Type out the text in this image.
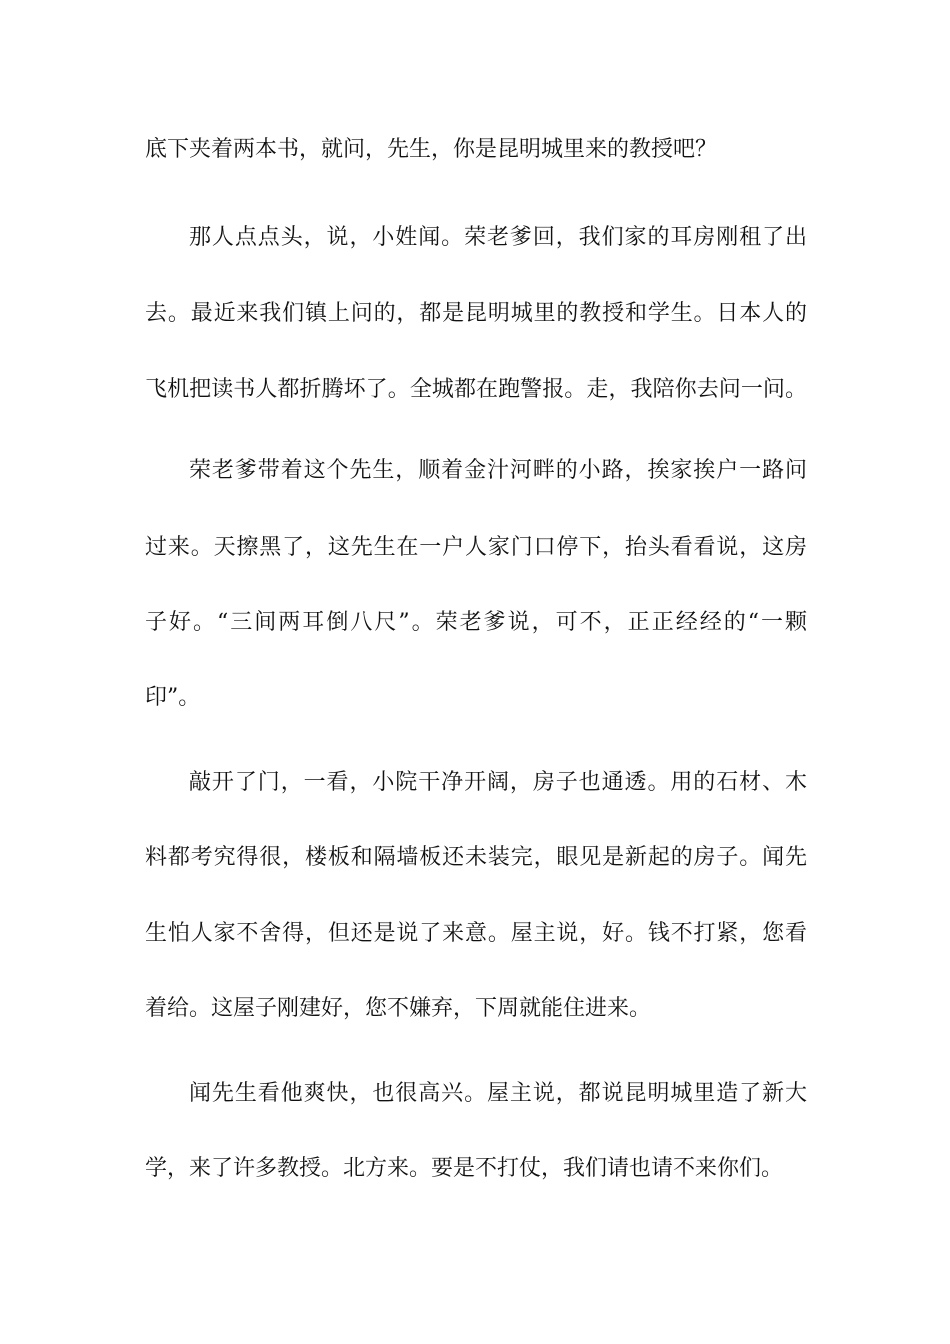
底下夹着两本书，就问，先生，你是昆明城里来的教授吧？
那人点点头，说，小姓闻。荣老爹回，我们家的耳房刚租了出
去。最近来我们镇上问的，都是昆明城里的教授和学生。日本人的
飞机把读书人都折腾坏了。全城都在跑警报。走，我陪你去问一问。
荣老爹带着这个先生，顺着金汁河畔的小路，挨家挨户一路问
过来。天擦黑了，这先生在一户人家门口停下，抬头看看说，这房
子好。“三间两耳倒八尺”。荣老爹说，可不，正正经经的“一颗
印”。
敲开了门，一看，小院干净开阔，房子也通透。用的石材、木
料都考究得很，楼板和隔墙板还未装完，眼见是新起的房子。闻先
生怕人家不舍得，但还是说了来意。屋主说，好。钱不打紧，您看
着给。这屋子刚建好，您不嫌弃，下周就能住进来。
闻先生看他爽快，也很高兴。屋主说，都说昆明城里造了新大
学，来了许多教授。北方来。要是不打仗，我们请也请不来你们。
